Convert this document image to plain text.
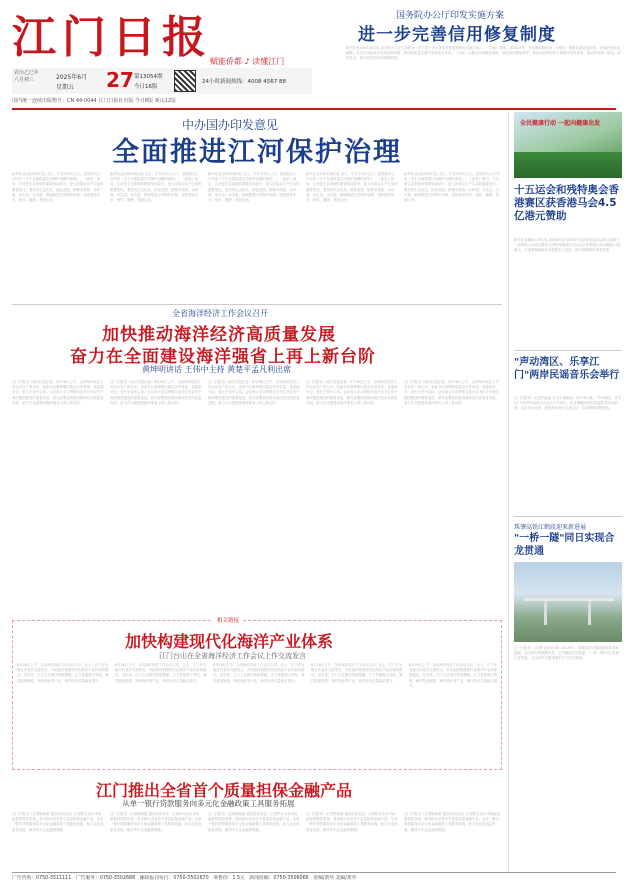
江门日报
赋能侨都 ♪ 读懂江门
农历乙巳年
六月初三	2025年6月
星期五 27 第13054期
今日16版
24小时新闻热线：4008 4567 88
国内统一连续出版物号：CN 44-0044 江门日报社出版 今日8版 新山12版
国务院办公厅印发实施方案
进一步完善信用修复制度
新华社北京6月26日电 国务院办公厅日前印发《关于进一步完善信用修复制度的实施方案》。《方案》提出，到2027年，信用修复制度进一步健全，制度体系更加完善、协同机制更加顺畅，社会信用体系在优化营商环境、推动高质量发展中发挥更大作用。《方案》从健全信用修复制度、规范信用修复程序、强化协同联动等方面提出具体举措，推动形成统一规范、协同共享、科学高效的信用修复机制。
中办国办印发意见
全面推进江河保护治理
新华社北京6月26日电 近日，中共中央办公厅、国务院办公厅印发《关于全面推进江河保护治理的意见》。《意见》指出，江河是生态系统的重要组成部分，是人民群众生产生活的重要依托。要坚持生态优先、绿色发展，统筹水资源、水环境、水生态、水灾害，系统推进江河保护治理，加快建设安全、韧性、健康、美丽江河。
新华社北京6月26日电 近日，中共中央办公厅、国务院办公厅印发《关于全面推进江河保护治理的意见》。《意见》指出，江河是生态系统的重要组成部分，是人民群众生产生活的重要依托。要坚持生态优先、绿色发展，统筹水资源、水环境、水生态、水灾害，系统推进江河保护治理，加快建设安全、韧性、健康、美丽江河。
新华社北京6月26日电 近日，中共中央办公厅、国务院办公厅印发《关于全面推进江河保护治理的意见》。《意见》指出，江河是生态系统的重要组成部分，是人民群众生产生活的重要依托。要坚持生态优先、绿色发展，统筹水资源、水环境、水生态、水灾害，系统推进江河保护治理，加快建设安全、韧性、健康、美丽江河。
新华社北京6月26日电 近日，中共中央办公厅、国务院办公厅印发《关于全面推进江河保护治理的意见》。《意见》指出，江河是生态系统的重要组成部分，是人民群众生产生活的重要依托。要坚持生态优先、绿色发展，统筹水资源、水环境、水生态、水灾害，系统推进江河保护治理，加快建设安全、韧性、健康、美丽江河。
新华社北京6月26日电 近日，中共中央办公厅、国务院办公厅印发《关于全面推进江河保护治理的意见》。《意见》指出，江河是生态系统的重要组成部分，是人民群众生产生活的重要依托。要坚持生态优先、绿色发展，统筹水资源、水环境、水生态、水灾害，系统推进江河保护治理，加快建设安全、韧性、健康、美丽江河。
全省海洋经济工作会议召开
加快推动海洋经济高质量发展
奋力在全面建设海洋强省上再上新台阶
黄坤明讲话 王伟中主持 黄楚平孟凡利出席
江门日报讯（南方日报记者）6月26日上午，全省海洋经济工作会议在广州召开。省委书记黄坤明出席会议并讲话，省委副书记、省长王伟中主持。会议深入学习贯彻习近平总书记关于海洋强国建设的重要论述，研究部署加快推动海洋经济高质量发展，奋力在全面建设海洋强省上再上新台阶。
江门日报讯（南方日报记者）6月26日上午，全省海洋经济工作会议在广州召开。省委书记黄坤明出席会议并讲话，省委副书记、省长王伟中主持。会议深入学习贯彻习近平总书记关于海洋强国建设的重要论述，研究部署加快推动海洋经济高质量发展，奋力在全面建设海洋强省上再上新台阶。
江门日报讯（南方日报记者）6月26日上午，全省海洋经济工作会议在广州召开。省委书记黄坤明出席会议并讲话，省委副书记、省长王伟中主持。会议深入学习贯彻习近平总书记关于海洋强国建设的重要论述，研究部署加快推动海洋经济高质量发展，奋力在全面建设海洋强省上再上新台阶。
江门日报讯（南方日报记者）6月26日上午，全省海洋经济工作会议在广州召开。省委书记黄坤明出席会议并讲话，省委副书记、省长王伟中主持。会议深入学习贯彻习近平总书记关于海洋强国建设的重要论述，研究部署加快推动海洋经济高质量发展，奋力在全面建设海洋强省上再上新台阶。
江门日报讯（南方日报记者）6月26日上午，全省海洋经济工作会议在广州召开。省委书记黄坤明出席会议并讲话，省委副书记、省长王伟中主持。会议深入学习贯彻习近平总书记关于海洋强国建设的重要论述，研究部署加快推动海洋经济高质量发展，奋力在全面建设海洋强省上再上新台阶。
相关链接
加快构建现代化海洋产业体系
江门台山在全省海洋经济工作会议上作交流发言
6月26日上午，全省海洋经济工作会议召开。会上，江门作为地方代表作交流发言，介绍加快构建现代化海洋产业体系的做法。近年来，江门立足海洋资源禀赋，大力发展海上风电、海洋装备制造、海洋渔业等产业，海洋经济总量稳步提升。
6月26日上午，全省海洋经济工作会议召开。会上，江门作为地方代表作交流发言，介绍加快构建现代化海洋产业体系的做法。近年来，江门立足海洋资源禀赋，大力发展海上风电、海洋装备制造、海洋渔业等产业，海洋经济总量稳步提升。
6月26日上午，全省海洋经济工作会议召开。会上，江门作为地方代表作交流发言，介绍加快构建现代化海洋产业体系的做法。近年来，江门立足海洋资源禀赋，大力发展海上风电、海洋装备制造、海洋渔业等产业，海洋经济总量稳步提升。
6月26日上午，全省海洋经济工作会议召开。会上，江门作为地方代表作交流发言，介绍加快构建现代化海洋产业体系的做法。近年来，江门立足海洋资源禀赋，大力发展海上风电、海洋装备制造、海洋渔业等产业，海洋经济总量稳步提升。
6月26日上午，全省海洋经济工作会议召开。会上，江门作为地方代表作交流发言，介绍加快构建现代化海洋产业体系的做法。近年来，江门立足海洋资源禀赋，大力发展海上风电、海洋装备制造、海洋渔业等产业，海洋经济总量稳步提升。
江门推出全省首个质量担保金融产品
从单一银行贷款服务向多元化金融政策工具服务拓展
江门日报讯（记者陈菊娟 通讯员黄宝仪）记者昨日从市市场监督管理局获悉，我市推出全省首个质量担保金融产品，从单一银行贷款服务向多元化金融政策工具服务拓展，助力企业高质量发展，解决中小企业融资难题。
江门日报讯（记者陈菊娟 通讯员黄宝仪）记者昨日从市市场监督管理局获悉，我市推出全省首个质量担保金融产品，从单一银行贷款服务向多元化金融政策工具服务拓展，助力企业高质量发展，解决中小企业融资难题。
江门日报讯（记者陈菊娟 通讯员黄宝仪）记者昨日从市市场监督管理局获悉，我市推出全省首个质量担保金融产品，从单一银行贷款服务向多元化金融政策工具服务拓展，助力企业高质量发展，解决中小企业融资难题。
江门日报讯（记者陈菊娟 通讯员黄宝仪）记者昨日从市市场监督管理局获悉，我市推出全省首个质量担保金融产品，从单一银行贷款服务向多元化金融政策工具服务拓展，助力企业高质量发展，解决中小企业融资难题。
江门日报讯（记者陈菊娟 通讯员黄宝仪）记者昨日从市市场监督管理局获悉，我市推出全省首个质量担保金融产品，从单一银行贷款服务向多元化金融政策工具服务拓展，助力企业高质量发展，解决中小企业融资难题。
全民健康行动 一起向健康出发
十五运会和残特奥会香港赛区获香港马会4.5亿港元赞助
新华社香港6月26日电 香港赛马会支持第十五届全国运动会和全国第十二届残疾人运动会暨第九届特殊奥林匹克运动会香港赛区活动捐款4.5亿港元，为赛事筹备和举办提供有力支持，推动香港体育事业发展。
"声动湾区、乐享江门"两岸民谣音乐会举行
江门日报讯（记者冯晶晶 实习生黄晓凤）6月26日晚，"声动湾区、乐享江门"两岸民谣音乐会在江门市举行。来自海峡两岸的民谣歌手同台献唱，以音乐为纽带，增进两岸青年交流交往，共同唱响同胞情谊。
珠肇高铁江鹤段迎来新进展
"一桥一隧"同日实现合龙贯通
江门日报讯（文/图 记者刘 涛）6月26日，珠肇高铁江鹤段建设取得新进展，西江特大桥顺利合龙，古劳隧道实现贯通，"一桥一隧"同日实现合龙贯通，为全线早日建成通车打下坚实基础。
广告咨询：0750-3511111 广告服务：0750-3502688 邮政报刊发行：0750-3502670 零售价：1.5元 新闻投稿：0750-3506066 责编/黄华 美编/黄华
